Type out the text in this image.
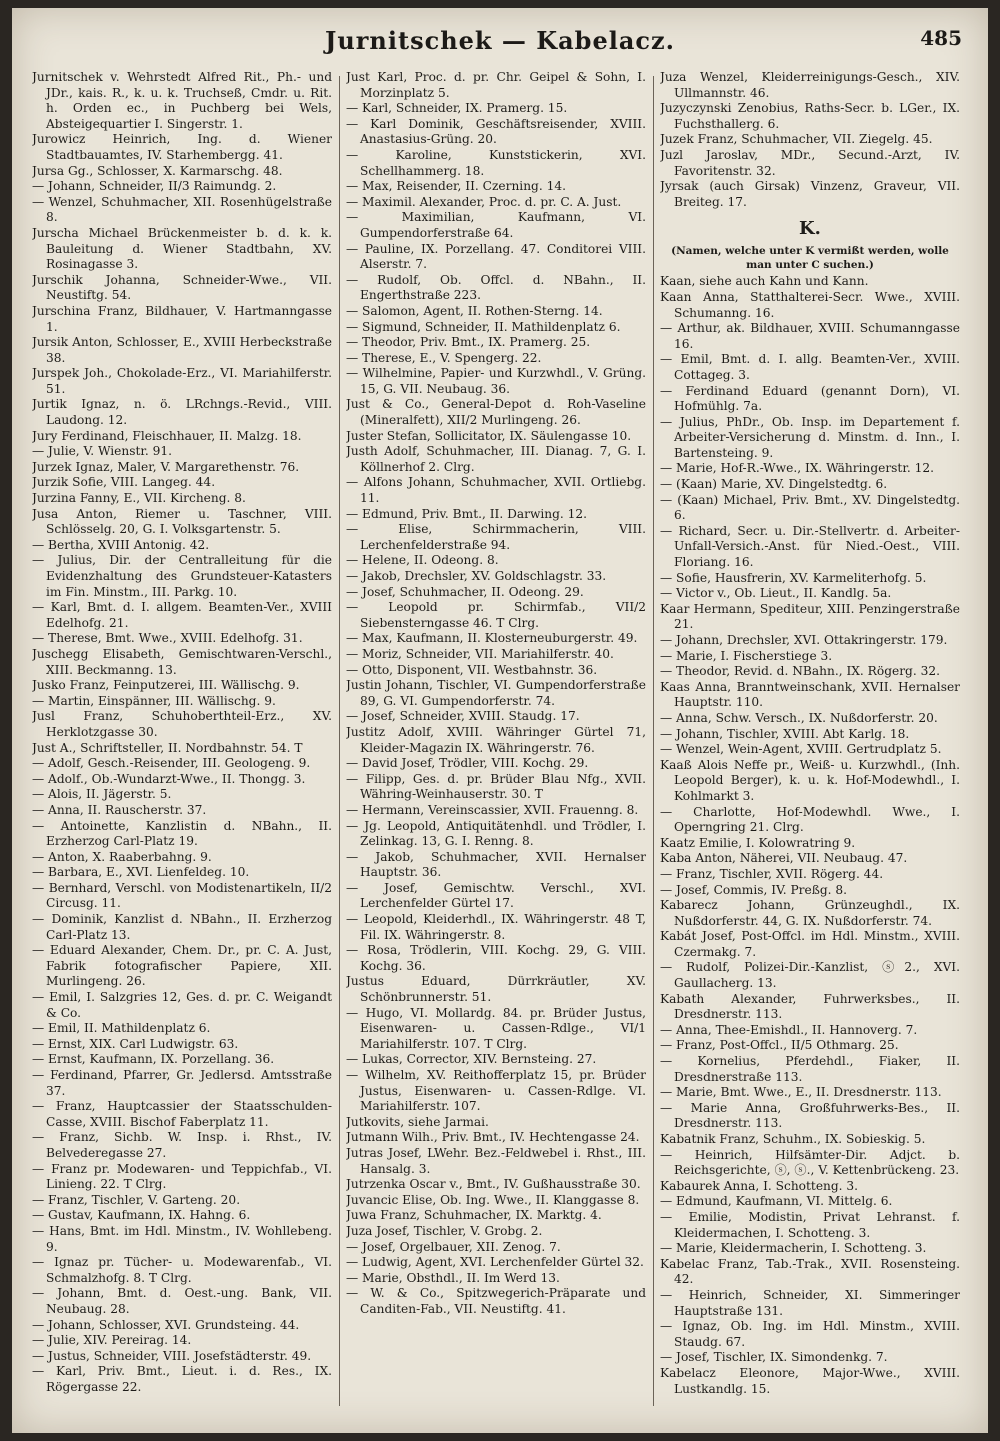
Jurnitschek — Kabelacz.	485

Jurnitschek v. Wehrstedt Alfred Rit., Ph.- und JDr., kais. R., k. u. k. Truchseß, Cmdr. u. Rit. h. Orden ec., in Puchberg bei Wels, Absteigequartier I. Singerstr. 1.

Jurowicz Heinrich, Ing. d. Wiener Stadtbauamtes, IV. Starhembergg. 41.

Jursa Gg., Schlosser, X. Karmarschg. 48.

— Johann, Schneider, II/3 Raimundg. 2.

— Wenzel, Schuhmacher, XII. Rosenhügelstraße 8.

Jurscha Michael Brückenmeister b. d. k. k. Bauleitung d. Wiener Stadtbahn, XV. Rosinagasse 3.

Jurschik Johanna, Schneider-Wwe., VII. Neustiftg. 54.

Jurschina Franz, Bildhauer, V. Hartmanngasse 1.

Jursik Anton, Schlosser, E., XVIII Herbeckstraße 38.

Jurspek Joh., Chokolade-Erz., VI. Mariahilferstr. 51.

Jurtik Ignaz, n. ö. LRchngs.-Revid., VIII. Laudong. 12.

Jury Ferdinand, Fleischhauer, II. Malzg. 18.

— Julie, V. Wienstr. 91.

Jurzek Ignaz, Maler, V. Margarethenstr. 76.

Jurzik Sofie, VIII. Langeg. 44.

Jurzina Fanny, E., VII. Kircheng. 8.

Jusa Anton, Riemer u. Taschner, VIII. Schlösselg. 20, G. I. Volksgartenstr. 5.

— Bertha, XVIII Antonig. 42.

— Julius, Dir. der Centralleitung für die Evidenzhaltung des Grundsteuer-Katasters im Fin. Minstm., III. Parkg. 10.

— Karl, Bmt. d. I. allgem. Beamten-Ver., XVIII Edelhofg. 21.

— Therese, Bmt. Wwe., XVIII. Edelhofg. 31.

Juschegg Elisabeth, Gemischtwaren-Verschl., XIII. Beckmanng. 13.

Jusko Franz, Feinputzerei, III. Wällischg. 9.

— Martin, Einspänner, III. Wällischg. 9.

Jusl Franz, Schuhoberthteil-Erz., XV. Herklotzgasse 30.

Just A., Schriftsteller, II. Nordbahnstr. 54. T

— Adolf, Gesch.-Reisender, III. Geologeng. 9.

— Adolf., Ob.-Wundarzt-Wwe., II. Thongg. 3.

— Alois, II. Jägerstr. 5.

— Anna, II. Rauscherstr. 37.

— Antoinette, Kanzlistin d. NBahn., II. Erzherzog Carl-Platz 19.

— Anton, X. Raaberbahng. 9.

— Barbara, E., XVI. Lienfeldeg. 10.

— Bernhard, Verschl. von Modistenartikeln, II/2 Circusg. 11.

— Dominik, Kanzlist d. NBahn., II. Erzherzog Carl-Platz 13.

— Eduard Alexander, Chem. Dr., pr. C. A. Just, Fabrik fotografischer Papiere, XII. Murlingeng. 26.

— Emil, I. Salzgries 12, Ges. d. pr. C. Weigandt & Co.

— Emil, II. Mathildenplatz 6.

— Ernst, XIX. Carl Ludwigstr. 63.

— Ernst, Kaufmann, IX. Porzellang. 36.

— Ferdinand, Pfarrer, Gr. Jedlersd. Amtsstraße 37.

— Franz, Hauptcassier der Staatsschulden-Casse, XVIII. Bischof Faberplatz 11.

— Franz, Sichb. W. Insp. i. Rhst., IV. Belvederegasse 27.

— Franz pr. Modewaren- und Teppichfab., VI. Linieng. 22. T Clrg.

— Franz, Tischler, V. Garteng. 20.

— Gustav, Kaufmann, IX. Hahng. 6.

— Hans, Bmt. im Hdl. Minstm., IV. Wohllebeng. 9.

— Ignaz pr. Tücher- u. Modewarenfab., VI. Schmalzhofg. 8. T Clrg.

— Johann, Bmt. d. Oest.-ung. Bank, VII. Neubaug. 28.

— Johann, Schlosser, XVI. Grundsteing. 44.

— Julie, XIV. Pereirag. 14.

— Justus, Schneider, VIII. Josefstädterstr. 49.

— Karl, Priv. Bmt., Lieut. i. d. Res., IX. Rögergasse 22.

Just Karl, Proc. d. pr. Chr. Geipel & Sohn, I. Morzinplatz 5.

— Karl, Schneider, IX. Pramerg. 15.

— Karl Dominik, Geschäftsreisender, XVIII. Anastasius-Grüng. 20.

— Karoline, Kunststickerin, XVI. Schellhammerg. 18.

— Max, Reisender, II. Czerning. 14.

— Maximil. Alexander, Proc. d. pr. C. A. Just.

— Maximilian, Kaufmann, VI. Gumpendorferstraße 64.

— Pauline, IX. Porzellang. 47. Conditorei VIII. Alserstr. 7.

— Rudolf, Ob. Offcl. d. NBahn., II. Engerthstraße 223.

— Salomon, Agent, II. Rothen-Sterng. 14.

— Sigmund, Schneider, II. Mathildenplatz 6.

— Theodor, Priv. Bmt., IX. Pramerg. 25.

— Therese, E., V. Spengerg. 22.

— Wilhelmine, Papier- und Kurzwhdl., V. Grüng. 15, G. VII. Neubaug. 36.

Just & Co., General-Depot d. Roh-Vaseline (Mineralfett), XII/2 Murlingeng. 26.

Juster Stefan, Sollicitator, IX. Säulengasse 10.

Justh Adolf, Schuhmacher, III. Dianag. 7, G. I. Köllnerhof 2. Clrg.

— Alfons Johann, Schuhmacher, XVII. Ortliebg. 11.

— Edmund, Priv. Bmt., II. Darwing. 12.

— Elise, Schirmmacherin, VIII. Lerchenfelderstraße 94.

— Helene, II. Odeong. 8.

— Jakob, Drechsler, XV. Goldschlagstr. 33.

— Josef, Schuhmacher, II. Odeong. 29.

— Leopold pr. Schirmfab., VII/2 Siebensterngasse 46. T Clrg.

— Max, Kaufmann, II. Klosterneuburgerstr. 49.

— Moriz, Schneider, VII. Mariahilferstr. 40.

— Otto, Disponent, VII. Westbahnstr. 36.

Justin Johann, Tischler, VI. Gumpendorferstraße 89, G. VI. Gumpendorferstr. 74.

— Josef, Schneider, XVIII. Staudg. 17.

Justitz Adolf, XVIII. Währinger Gürtel 71, Kleider-Magazin IX. Währingerstr. 76.

— David Josef, Trödler, VIII. Kochg. 29.

— Filipp, Ges. d. pr. Brüder Blau Nfg., XVII. Währing-Weinhauserstr. 30. T

— Hermann, Vereinscassier, XVII. Frauenng. 8.

— Jg. Leopold, Antiquitätenhdl. und Trödler, I. Zelinkag. 13, G. I. Renng. 8.

— Jakob, Schuhmacher, XVII. Hernalser Hauptstr. 36.

— Josef, Gemischtw. Verschl., XVI. Lerchenfelder Gürtel 17.

— Leopold, Kleiderhdl., IX. Währingerstr. 48 T, Fil. IX. Währingerstr. 8.

— Rosa, Trödlerin, VIII. Kochg. 29, G. VIII. Kochg. 36.

Justus Eduard, Dürrkräutler, XV. Schönbrunnerstr. 51.

— Hugo, VI. Mollardg. 84. pr. Brüder Justus, Eisenwaren- u. Cassen-Rdlge., VI/1 Mariahilferstr. 107. T Clrg.

— Lukas, Corrector, XIV. Bernsteing. 27.

— Wilhelm, XV. Reithofferplatz 15, pr. Brüder Justus, Eisenwaren- u. Cassen-Rdlge. VI. Mariahilferstr. 107.

Jutkovits, siehe Jarmai.

Jutmann Wilh., Priv. Bmt., IV. Hechtengasse 24.

Jutras Josef, LWehr. Bez.-Feldwebel i. Rhst., III. Hansalg. 3.

Jutrzenka Oscar v., Bmt., IV. Gußhausstraße 30.

Juvancic Elise, Ob. Ing. Wwe., II. Klanggasse 8.

Juwa Franz, Schuhmacher, IX. Marktg. 4.

Juza Josef, Tischler, V. Grobg. 2.

— Josef, Orgelbauer, XII. Zenog. 7.

— Ludwig, Agent, XVI. Lerchenfelder Gürtel 32.

— Marie, Obsthdl., II. Im Werd 13.

— W. & Co., Spitzwegerich-Präparate und Canditen-Fab., VII. Neustiftg. 41.

Juza Wenzel, Kleiderreinigungs-Gesch., XIV. Ullmannstr. 46.

Juzyczynski Zenobius, Raths-Secr. b. LGer., IX. Fuchsthallerg. 6.

Juzek Franz, Schuhmacher, VII. Ziegelg. 45.

Juzl Jaroslav, MDr., Secund.-Arzt, IV. Favoritenstr. 32.

Jyrsak (auch Girsak) Vinzenz, Graveur, VII. Breiteg. 17.

K.
(Namen, welche unter K vermißt werden, wolle man unter C suchen.)

Kaan, siehe auch Kahn und Kann.

Kaan Anna, Statthalterei-Secr. Wwe., XVIII. Schumanng. 16.

— Arthur, ak. Bildhauer, XVIII. Schumanngasse 16.

— Emil, Bmt. d. I. allg. Beamten-Ver., XVIII. Cottageg. 3.

— Ferdinand Eduard (genannt Dorn), VI. Hofmühlg. 7a.

— Julius, PhDr., Ob. Insp. im Departement f. Arbeiter-Versicherung d. Minstm. d. Inn., I. Bartensteing. 9.

— Marie, Hof-R.-Wwe., IX. Währingerstr. 12.

— (Kaan) Marie, XV. Dingelstedtg. 6.

— (Kaan) Michael, Priv. Bmt., XV. Dingelstedtg. 6.

— Richard, Secr. u. Dir.-Stellvertr. d. Arbeiter-Unfall-Versich.-Anst. für Nied.-Oest., VIII. Floriang. 16.

— Sofie, Hausfrerin, XV. Karmeliterhofg. 5.

— Victor v., Ob. Lieut., II. Kandlg. 5a.

Kaar Hermann, Spediteur, XIII. Penzingerstraße 21.

— Johann, Drechsler, XVI. Ottakringerstr. 179.

— Marie, I. Fischerstiege 3.

— Theodor, Revid. d. NBahn., IX. Rögerg. 32.

Kaas Anna, Branntweinschank, XVII. Hernalser Hauptstr. 110.

— Anna, Schw. Versch., IX. Nußdorferstr. 20.

— Johann, Tischler, XVIII. Abt Karlg. 18.

— Wenzel, Wein-Agent, XVIII. Gertrudplatz 5.

Kaaß Alois Neffe pr., Weiß- u. Kurzwhdl., (Inh. Leopold Berger), k. u. k. Hof-Modewhdl., I. Kohlmarkt 3.

— Charlotte, Hof-Modewhdl. Wwe., I. Operngring 21. Clrg.

Kaatz Emilie, I. Kolowratring 9.

Kaba Anton, Näherei, VII. Neubaug. 47.

— Franz, Tischler, XVII. Rögerg. 44.

— Josef, Commis, IV. Preßg. 8.

Kabarecz Johann, Grünzeughdl., IX. Nußdorferstr. 44, G. IX. Nußdorferstr. 74.

Kabát Josef, Post-Offcl. im Hdl. Minstm., XVIII. Czermakg. 7.

— Rudolf, Polizei-Dir.-Kanzlist, ⓢ2., XVI. Gaullacherg. 13.

Kabath Alexander, Fuhrwerksbes., II. Dresdnerstr. 113.

— Anna, Thee-Emishdl., II. Hannoverg. 7.

— Franz, Post-Offcl., II/5 Othmarg. 25.

— Kornelius, Pferdehdl., Fiaker, II. Dresdnerstraße 113.

— Marie, Bmt. Wwe., E., II. Dresdnerstr. 113.

— Marie Anna, Großfuhrwerks-Bes., II. Dresdnerstr. 113.

Kabatnik Franz, Schuhm., IX. Sobieskig. 5.

— Heinrich, Hilfsämter-Dir. Adjct. b. Reichsgerichte, ⓢ, ⓢ., V. Kettenbrückeng. 23.

Kabaurek Anna, I. Schotteng. 3.

— Edmund, Kaufmann, VI. Mittelg. 6.

— Emilie, Modistin, Privat Lehranst. f. Kleidermachen, I. Schotteng. 3.

— Marie, Kleidermacherin, I. Schotteng. 3.

Kabelac Franz, Tab.-Trak., XVII. Rosensteing. 42.

— Heinrich, Schneider, XI. Simmeringer Hauptstraße 131.

— Ignaz, Ob. Ing. im Hdl. Minstm., XVIII. Staudg. 67.

— Josef, Tischler, IX. Simondenkg. 7.

Kabelacz Eleonore, Major-Wwe., XVIII. Lustkandlg. 15.
